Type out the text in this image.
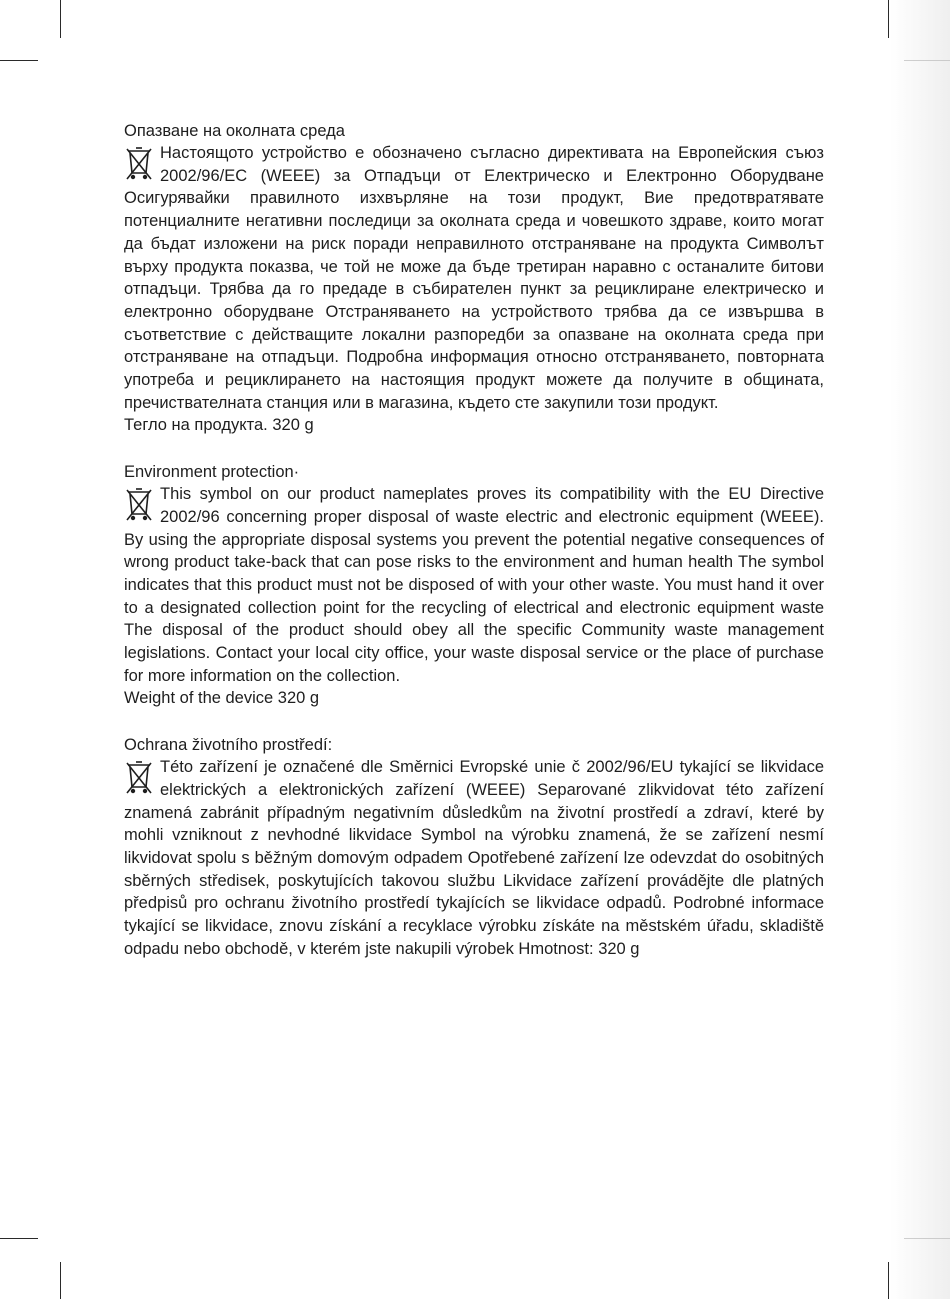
Опазване на околната среда

Настоящото устройство е обозначено съгласно директивата на Европейския съюз 2002/96/EC (WEEE) за Отпадъци от Електрическо и Електронно Оборудване Осигурявайки правилното изхвърляне на този продукт, Вие предотвратявате потенциалните негативни последици за околната среда и човешкото здраве, които могат да бъдат изложени на риск поради неправилното отстраняване на продукта Символът върху продукта показва, че той не може да бъде третиран наравно с останалите битови отпадъци. Трябва да го предаде в събирателен пункт за рециклиране електрическо и електронно оборудване Отстраняването на устройството трябва да се извършва в съответствие с действащите локални разпоредби за опазване на околната среда при отстраняване на отпадъци. Подробна информация относно отстраняването, повторната употреба и рециклирането на настоящия продукт можете да получите в общината, пречиствателната станция или в магазина, където сте закупили този продукт.

Тегло на продукта. 320 g

Environment protection·

This symbol on our product nameplates proves its compatibility with the EU Directive 2002/96 concerning proper disposal of waste electric and electronic equipment (WEEE). By using the appropriate disposal systems you prevent the potential negative consequences of wrong product take-back that can pose risks to the environment and human health The symbol indicates that this product must not be disposed of with your other waste. You must hand it over to a designated collection point for the recycling of electrical and electronic equipment waste The disposal of the product should obey all the specific Community waste management legislations. Contact your local city office, your waste disposal service or the place of purchase for more information on the collection.

Weight of the device 320 g

Ochrana životního prostředí:

Této zařízení je označené dle Směrnici Evropské unie č 2002/96/EU tykající se likvidace elektrických a elektronických zařízení (WEEE) Separované zlikvidovat této zařízení znamená zabránit případným negativním důsledkům na životní prostředí a zdraví, které by mohli vzniknout z nevhodné likvidace Symbol na výrobku znamená, že se zařízení nesmí likvidovat spolu s běžným domovým odpadem Opotřebené zařízení lze odevzdat do osobitných sběrných středisek, poskytujících takovou službu Likvidace zařízení provádějte dle platných předpisů pro ochranu životního prostředí tykajících se likvidace odpadů. Podrobné informace tykající se likvidace, znovu získání a recyklace výrobku získáte na městském úřadu, skladiště odpadu nebo obchodě, v kterém jste nakupili výrobek Hmotnost: 320 g
